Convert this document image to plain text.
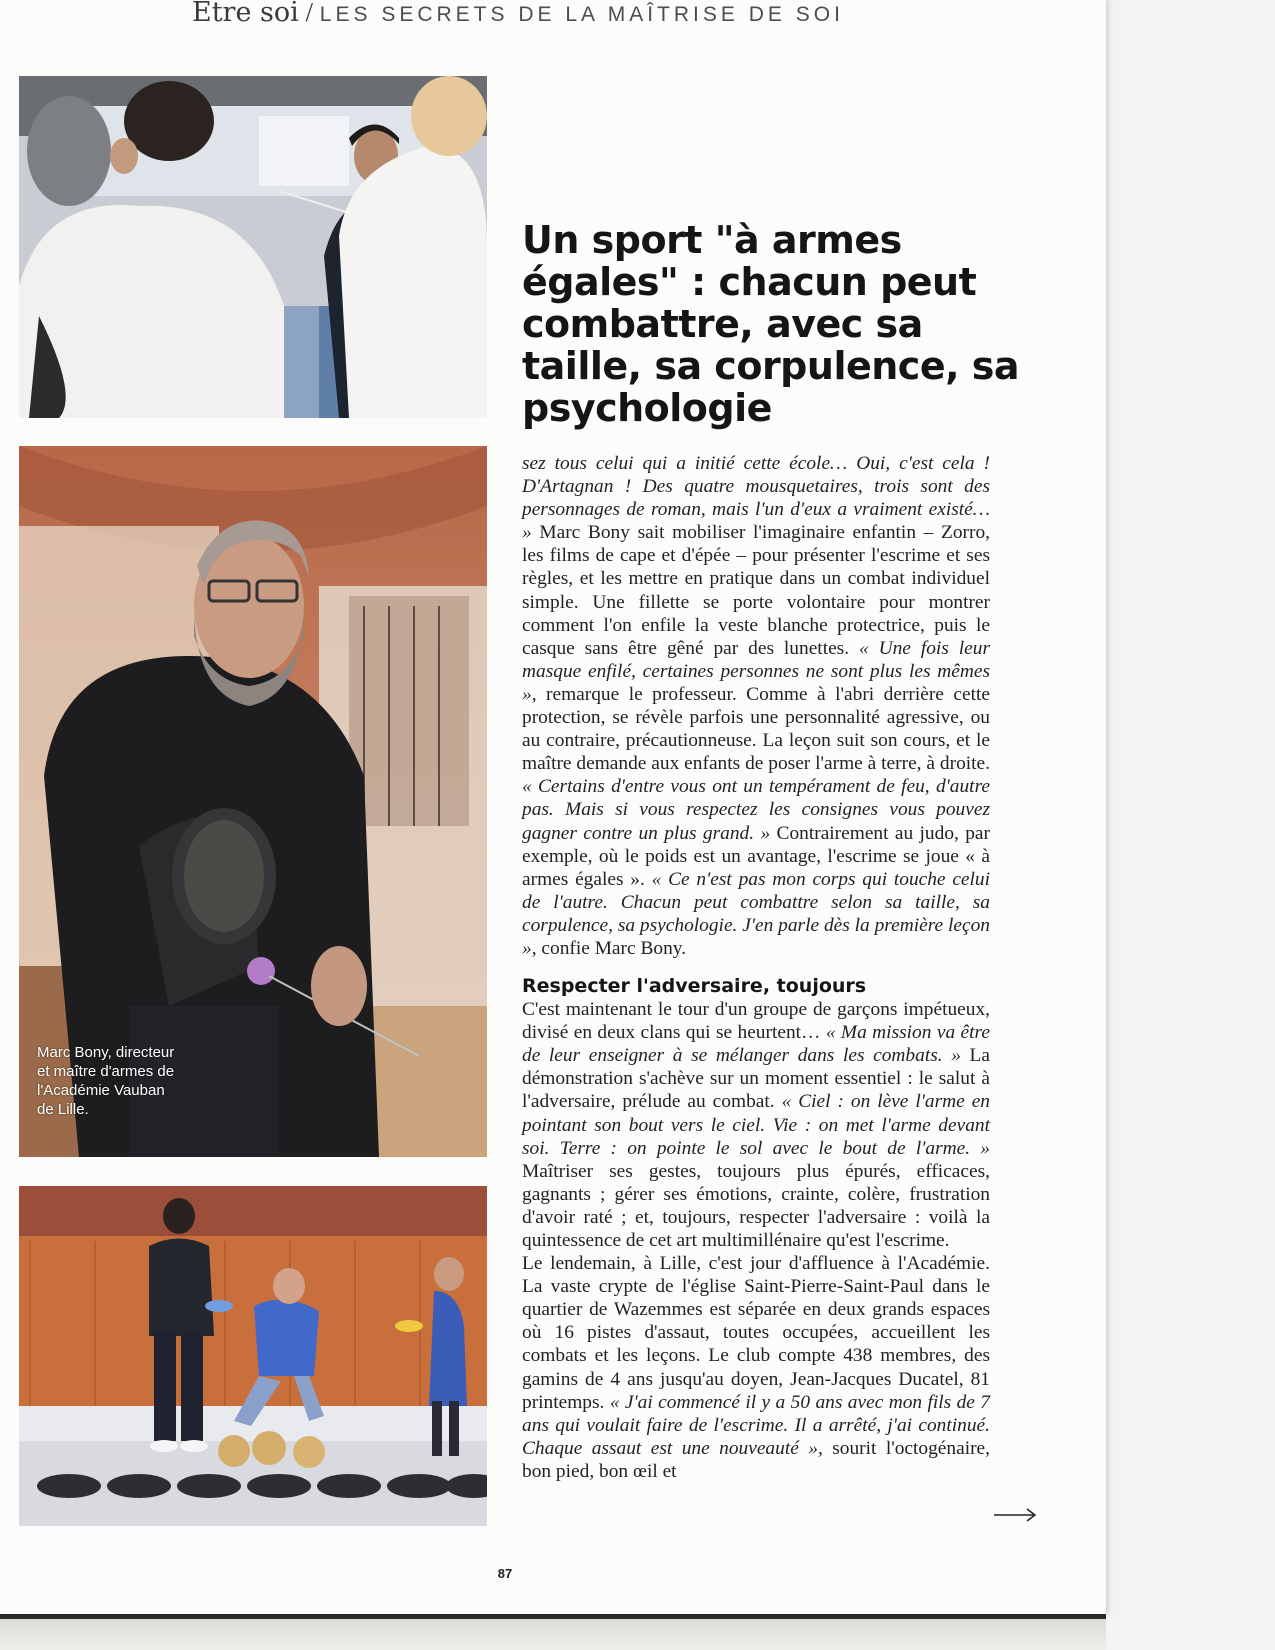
Etre soi / LES SECRETS DE LA MAÎTRISE DE SOI
Marc Bony, directeur et maître d'armes de l'Académie Vauban de Lille.
Un sport "à armes égales" : chacun peut combattre, avec sa taille, sa corpulence, sa psychologie

sez tous celui qui a initié cette école… Oui, c'est cela ! D'Artagnan ! Des quatre mousquetaires, trois sont des personnages de roman, mais l'un d'eux a vraiment existé… » Marc Bony sait mobiliser l'imaginaire enfantin – Zorro, les films de cape et d'épée – pour présenter l'escrime et ses règles, et les mettre en pratique dans un combat individuel simple. Une fillette se porte volontaire pour montrer comment l'on enfile la veste blanche protectrice, puis le casque sans être gêné par des lunettes. « Une fois leur masque enfilé, certaines personnes ne sont plus les mêmes », remarque le professeur. Comme à l'abri derrière cette protection, se révèle parfois une personnalité agressive, ou au contraire, précautionneuse. La leçon suit son cours, et le maître demande aux enfants de poser l'arme à terre, à droite. « Certains d'entre vous ont un tempérament de feu, d'autre pas. Mais si vous respectez les consignes vous pouvez gagner contre un plus grand. » Contrairement au judo, par exemple, où le poids est un avantage, l'escrime se joue « à armes égales ». « Ce n'est pas mon corps qui touche celui de l'autre. Chacun peut combattre selon sa taille, sa corpulence, sa psychologie. J'en parle dès la première leçon », confie Marc Bony.

Respecter l'adversaire, toujours

C'est maintenant le tour d'un groupe de garçons impétueux, divisé en deux clans qui se heurtent… « Ma mission va être de leur enseigner à se mélanger dans les combats. » La démonstration s'achève sur un moment essentiel : le salut à l'adversaire, prélude au combat. « Ciel : on lève l'arme en pointant son bout vers le ciel. Vie : on met l'arme devant soi. Terre : on pointe le sol avec le bout de l'arme. » Maîtriser ses gestes, toujours plus épurés, efficaces, gagnants ; gérer ses émotions, crainte, colère, frustration d'avoir raté ; et, toujours, respecter l'adversaire : voilà la quintessence de cet art multimillénaire qu'est l'escrime.

Le lendemain, à Lille, c'est jour d'affluence à l'Académie. La vaste crypte de l'église Saint-Pierre-Saint-Paul dans le quartier de Wazemmes est séparée en deux grands espaces où 16 pistes d'assaut, toutes occupées, accueillent les combats et les leçons. Le club compte 438 membres, des gamins de 4 ans jusqu'au doyen, Jean-Jacques Ducatel, 81 printemps. « J'ai commencé il y a 50 ans avec mon fils de 7 ans qui voulait faire de l'escrime. Il a arrêté, j'ai continué. Chaque assaut est une nouveauté », sourit l'octogénaire, bon pied, bon œil et

87
